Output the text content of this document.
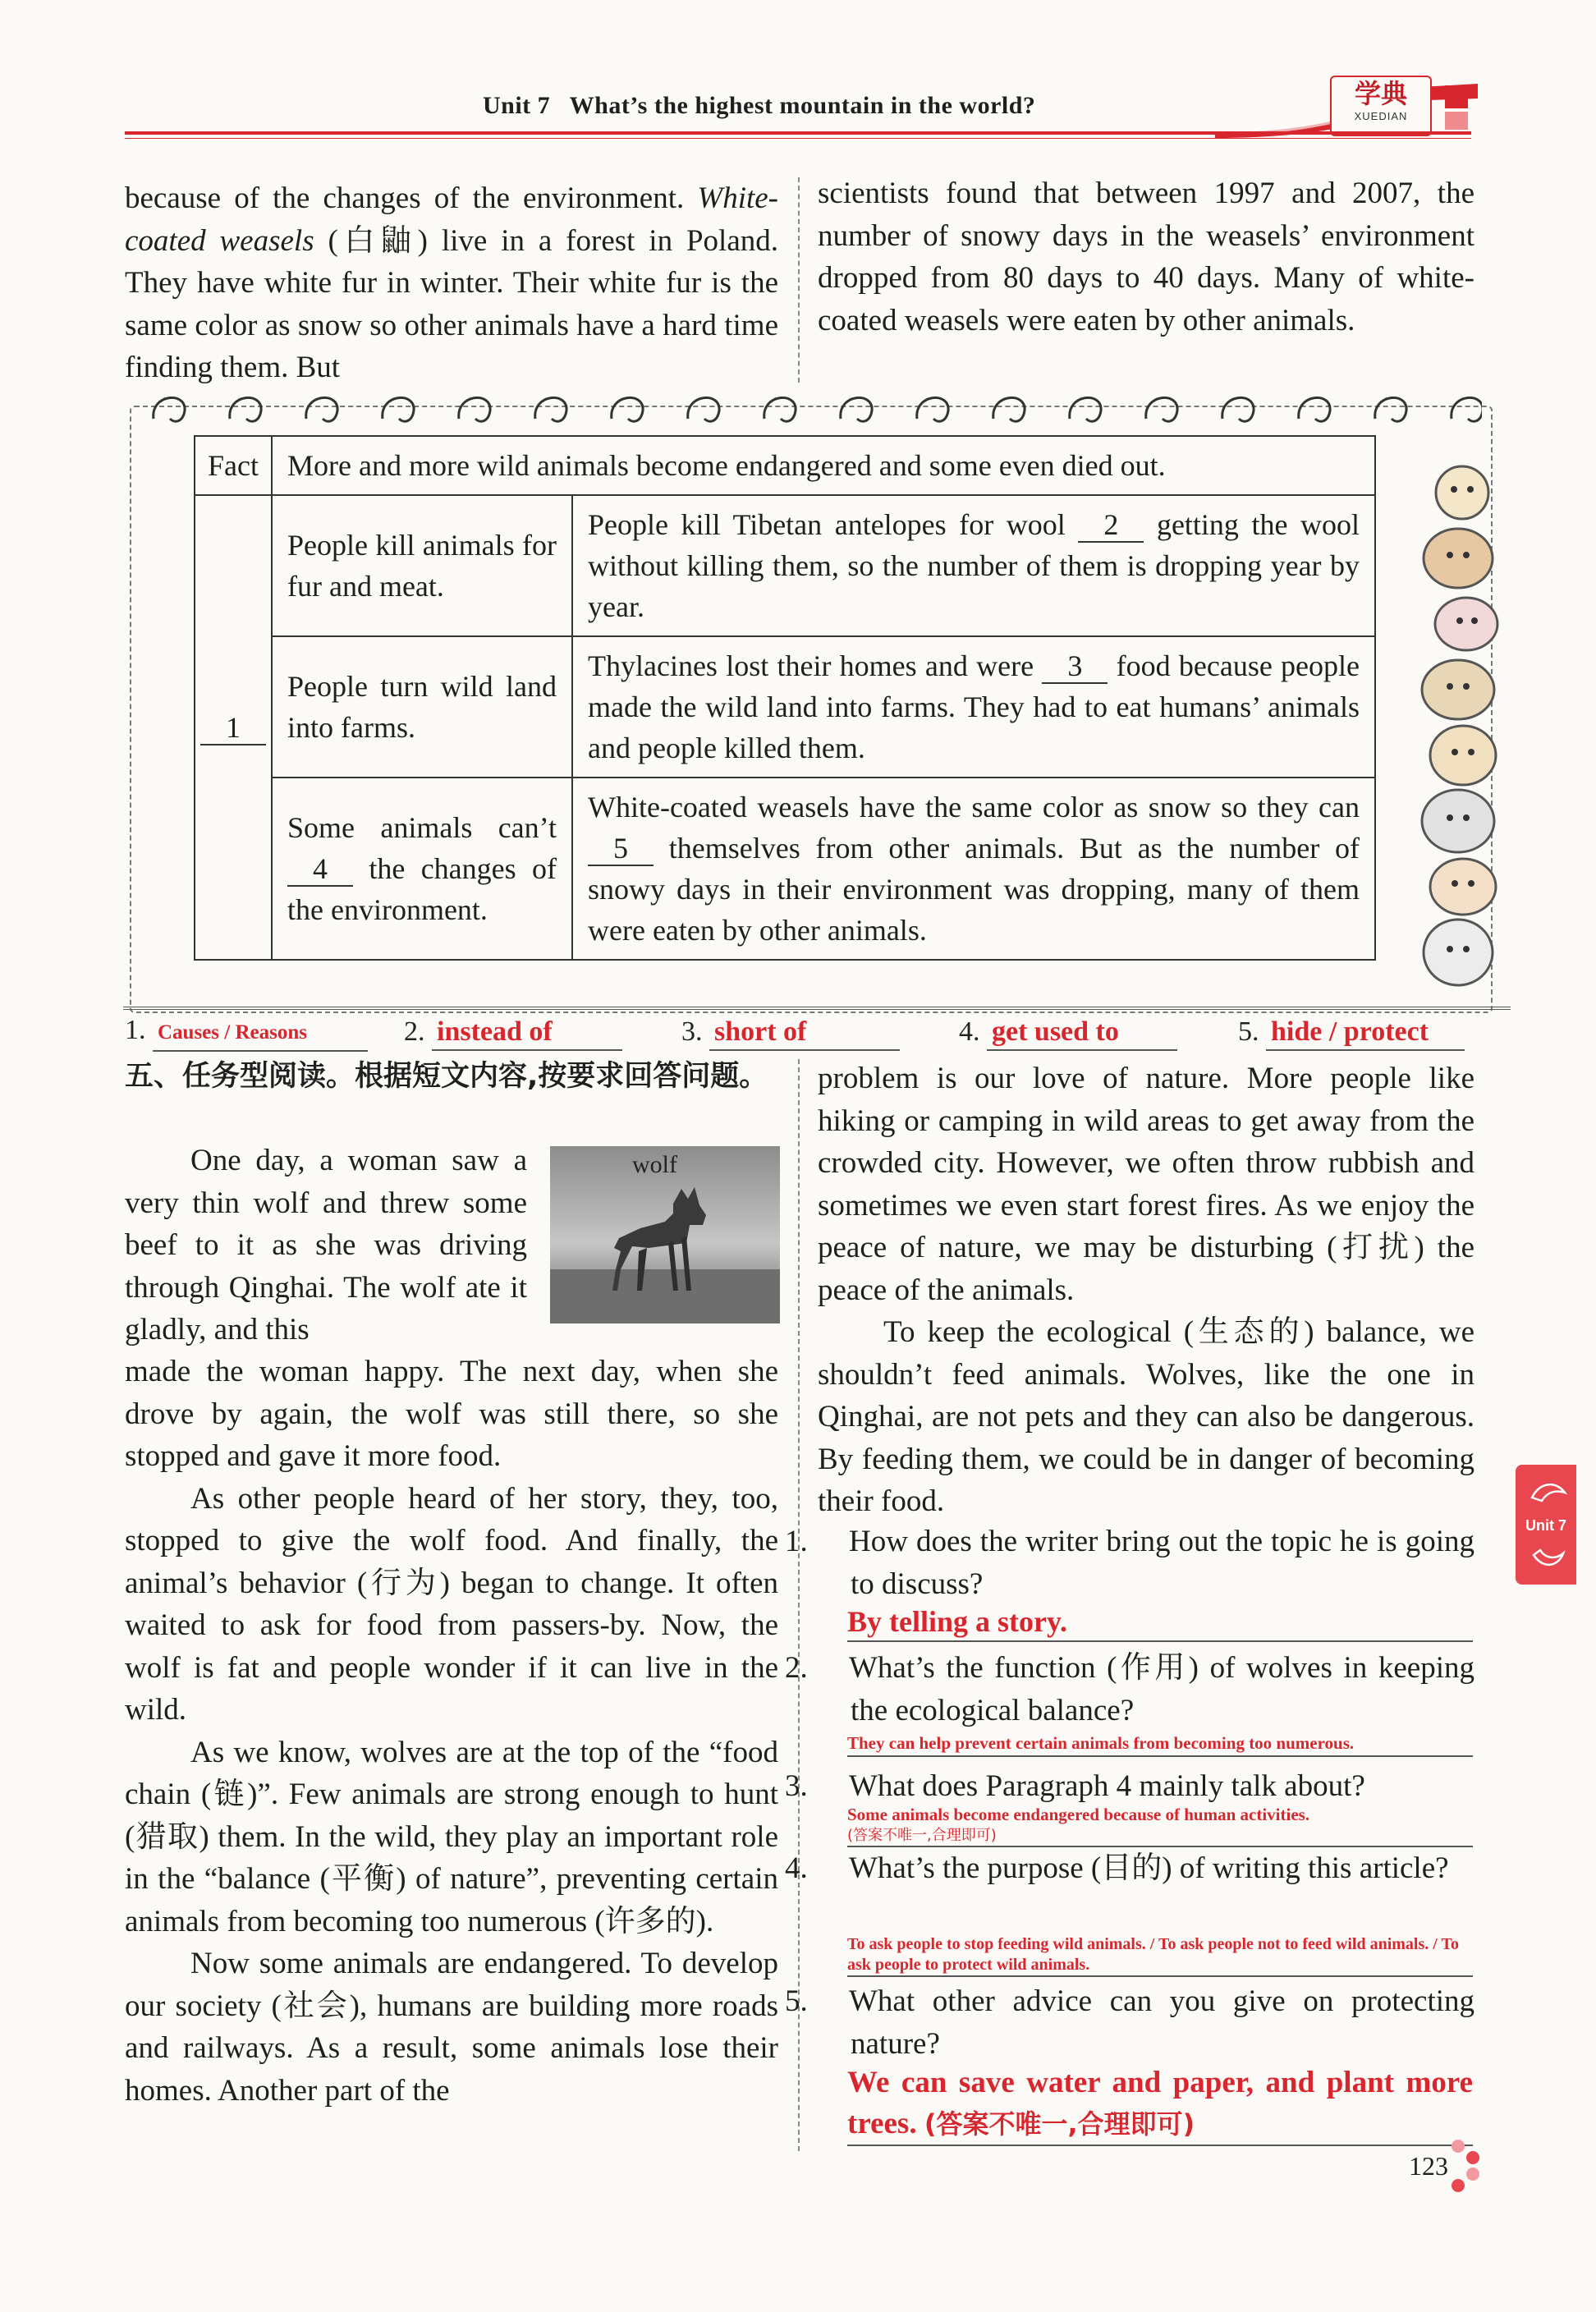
学典
XUEDIAN
Unit 7   What’s the highest mountain in the world?

because of the changes of the environment. White-coated weasels (白鼬) live in a forest in Poland. They have white fur in winter. Their white fur is the same color as snow so other animals have a hard time finding them. But

scientists found that between 1997 and 2007, the number of snowy days in the weasels’ environment dropped from 80 days to 40 days. Many of white-coated weasels were eaten by other animals.

Fact	More and more wild animals become endangered and some even died out.	
1	People kill animals for fur and meat.	People kill Tibetan antelopes for wool 2 getting the wool without killing them, so the number of them is dropping year by year.
	People turn wild land into farms.	Thylacines lost their homes and were 3 food because people made the wild land into farms. They had to eat humans’ animals and people killed them.
	Some animals can’t 4 the changes of the environment.	White-coated weasels have the same color as snow so they can 5 themselves from other animals. But as the number of snowy days in their environment was dropping, many of them were eaten by other animals.
1. Causes / Reasons	2. instead of	3. short of	4. get used to	5. hide / protect
五、任务型阅读。根据短文内容,按要求回答问题。
wolf

One day, a woman saw a very thin wolf and threw some beef to it as she was driving through Qinghai. The wolf ate it gladly, and this

made the woman happy. The next day, when she drove by again, the wolf was still there, so she stopped and gave it more food.

As other people heard of her story, they, too, stopped to give the wolf food. And finally, the animal’s behavior (行为) began to change. It often waited to ask for food from passers-by. Now, the wolf is fat and people wonder if it can live in the wild.

As we know, wolves are at the top of the “food chain (链)”. Few animals are strong enough to hunt (猎取) them. In the wild, they play an important role in the “balance (平衡) of nature”, preventing certain animals from becoming too numerous (许多的).

Now some animals are endangered. To develop our society (社会), humans are building more roads and railways. As a result, some animals lose their homes. Another part of the

problem is our love of nature. More people like hiking or camping in wild areas to get away from the crowded city. However, we often throw rubbish and sometimes we even start forest fires. As we enjoy the peace of nature, we may be disturbing (打扰) the peace of the animals.

To keep the ecological (生态的) balance, we shouldn’t feed animals. Wolves, like the one in Qinghai, are not pets and they can also be dangerous. By feeding them, we could be in danger of becoming their food.

1. How does the writer bring out the topic he is going to discuss?
By telling a story.
2. What’s the function (作用) of wolves in keeping the ecological balance?
They can help prevent certain animals from becoming too numerous.
3. What does Paragraph 4 mainly talk about?
Some animals become endangered because of human activities.
(答案不唯一,合理即可)
4. What’s the purpose (目的) of writing this article?
To ask people to stop feeding wild animals. / To ask people not to feed wild animals. / To ask people to protect wild animals.
5. What other advice can you give on protecting nature?
We can save water and paper, and plant more trees. (答案不唯一,合理即可)
Unit 7
123
